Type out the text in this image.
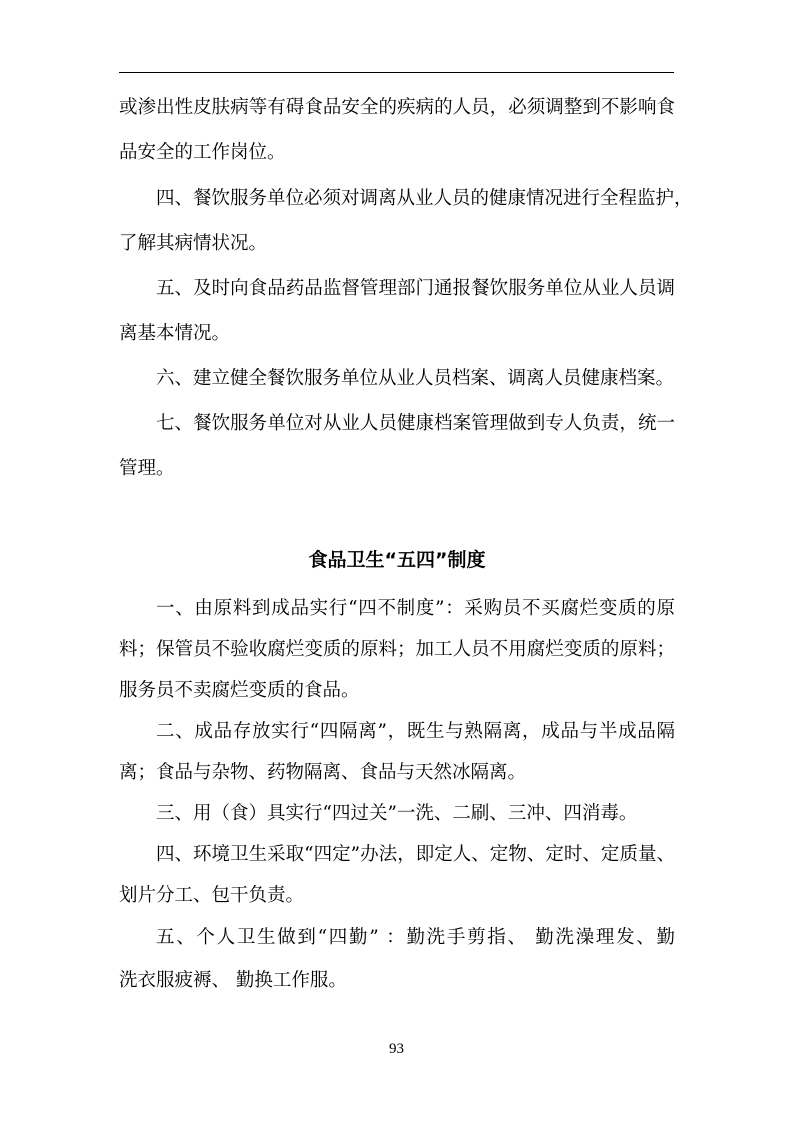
或渗出性皮肤病等有碍食品安全的疾病的人员，必须调整到不影响食
品安全的工作岗位。
四、餐饮服务单位必须对调离从业人员的健康情况进行全程监护，
了解其病情状况。
五、及时向食品药品监督管理部门通报餐饮服务单位从业人员调
离基本情况。
六、建立健全餐饮服务单位从业人员档案、调离人员健康档案。
七、餐饮服务单位对从业人员健康档案管理做到专人负责，统一
管理。
食品卫生“五四”制度
一、由原料到成品实行“四不制度”：采购员不买腐烂变质的原
料；保管员不验收腐烂变质的原料；加工人员不用腐烂变质的原料；
服务员不卖腐烂变质的食品。
二、成品存放实行“四隔离”，既生与熟隔离，成品与半成品隔
离；食品与杂物、药物隔离、食品与天然冰隔离。
三、用（食）具实行“四过关”一洗、二刷、三冲、四消毒。
四、环境卫生采取“四定”办法，即定人、定物、定时、定质量、
划片分工、包干负责。
五、个人卫生做到“四勤” ：勤洗手剪指、 勤洗澡理发、勤
洗衣服疲褥、 勤换工作服。
93
